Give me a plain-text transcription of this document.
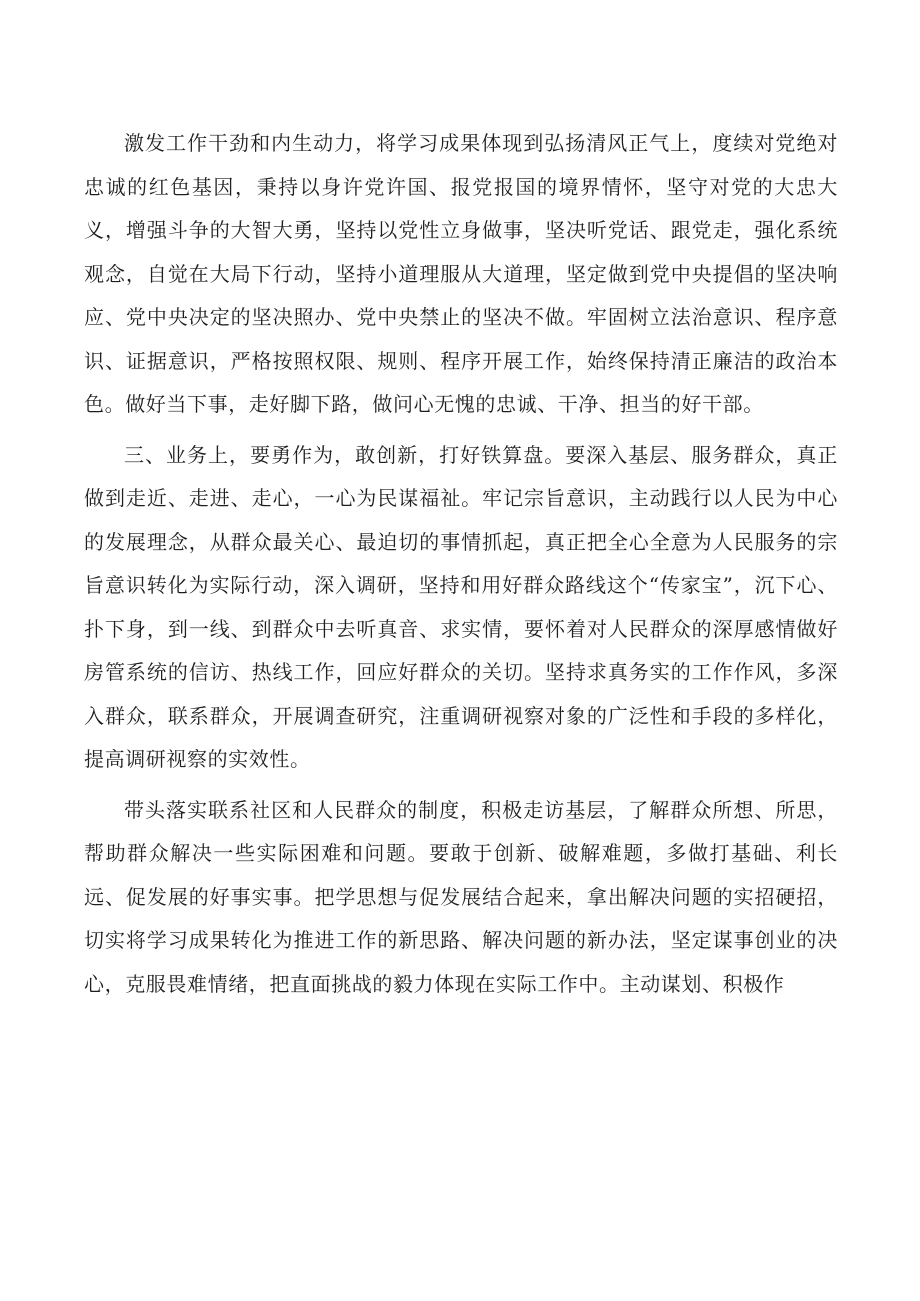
激发工作干劲和内生动力，将学习成果体现到弘扬清风正气上，度续对党绝对忠诚的红色基因，秉持以身许党许国、报党报国的境界情怀，坚守对党的大忠大义，增强斗争的大智大勇，坚持以党性立身做事，坚决听党话、跟党走，强化系统观念，自觉在大局下行动，坚持小道理服从大道理，坚定做到党中央提倡的坚决响应、党中央决定的坚决照办、党中央禁止的坚决不做。牢固树立法治意识、程序意识、证据意识，严格按照权限、规则、程序开展工作，始终保持清正廉洁的政治本色。做好当下事，走好脚下路，做问心无愧的忠诚、干净、担当的好干部。

三、业务上，要勇作为，敢创新，打好铁算盘。要深入基层、服务群众，真正做到走近、走进、走心，一心为民谋福祉。牢记宗旨意识，主动践行以人民为中心的发展理念，从群众最关心、最迫切的事情抓起，真正把全心全意为人民服务的宗旨意识转化为实际行动，深入调研，坚持和用好群众路线这个“传家宝”，沉下心、扑下身，到一线、到群众中去听真音、求实情，要怀着对人民群众的深厚感情做好房管系统的信访、热线工作，回应好群众的关切。坚持求真务实的工作作风，多深入群众，联系群众，开展调查研究，注重调研视察对象的广泛性和手段的多样化，提高调研视察的实效性。

带头落实联系社区和人民群众的制度，积极走访基层，了解群众所想、所思，帮助群众解决一些实际困难和问题。要敢于创新、破解难题，多做打基础、利长远、促发展的好事实事。把学思想与促发展结合起来，拿出解决问题的实招硬招，切实将学习成果转化为推进工作的新思路、解决问题的新办法，坚定谋事创业的决心，克服畏难情绪，把直面挑战的毅力体现在实际工作中。主动谋划、积极作
